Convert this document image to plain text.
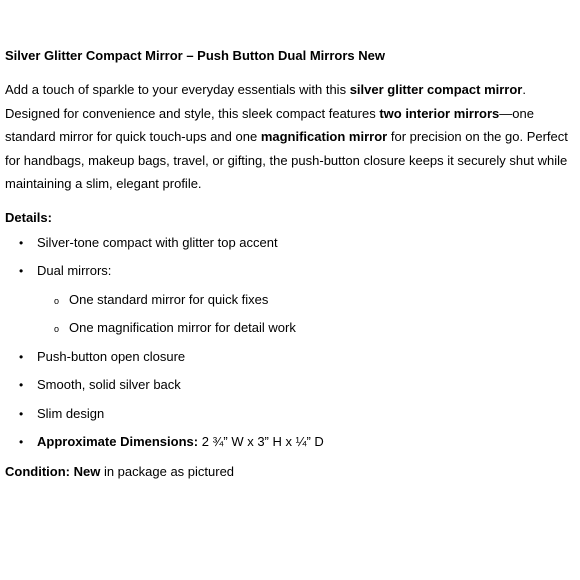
Silver Glitter Compact Mirror – Push Button Dual Mirrors New

Add a touch of sparkle to your everyday essentials with this silver glitter compact mirror. Designed for convenience and style, this sleek compact features two interior mirrors—one standard mirror for quick touch-ups and one magnification mirror for precision on the go. Perfect for handbags, makeup bags, travel, or gifting, the push-button closure keeps it securely shut while maintaining a slim, elegant profile.

Details:

• Silver-tone compact with glitter top accent
• Dual mirrors:
o One standard mirror for quick fixes
o One magnification mirror for detail work
• Push-button open closure
• Smooth, solid silver back
• Slim design
• Approximate Dimensions: 2 ¾” W x 3” H x ¼” D

Condition: New in package as pictured
